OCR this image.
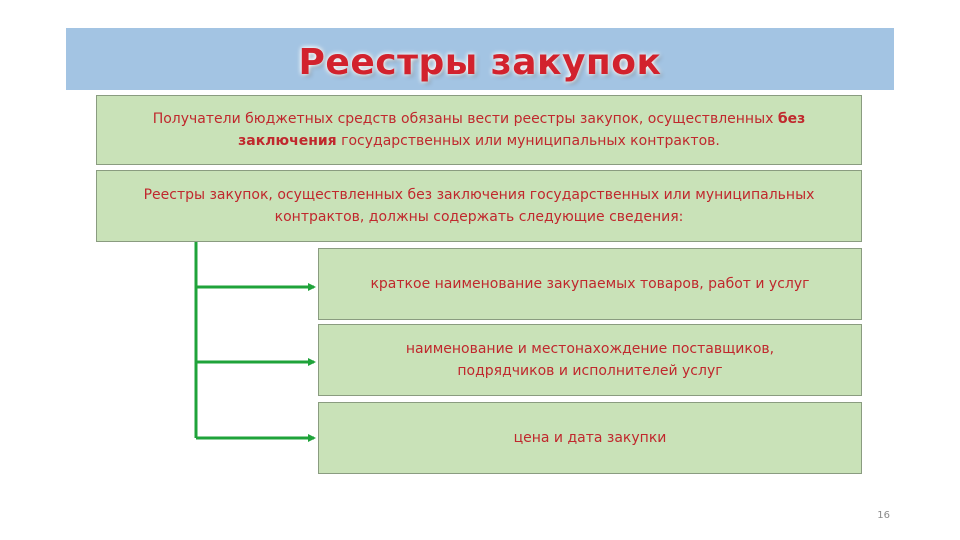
Реестры закупок
Получатели бюджетных средств обязаны вести реестры закупок, осуществленных без заключения государственных или муниципальных контрактов.
Реестры закупок, осуществленных без заключения государственных или муниципальных контрактов, должны содержать следующие сведения:
краткое наименование закупаемых товаров, работ и услуг
наименование и местонахождение поставщиков, подрядчиков и исполнителей услуг
цена и дата закупки
16
